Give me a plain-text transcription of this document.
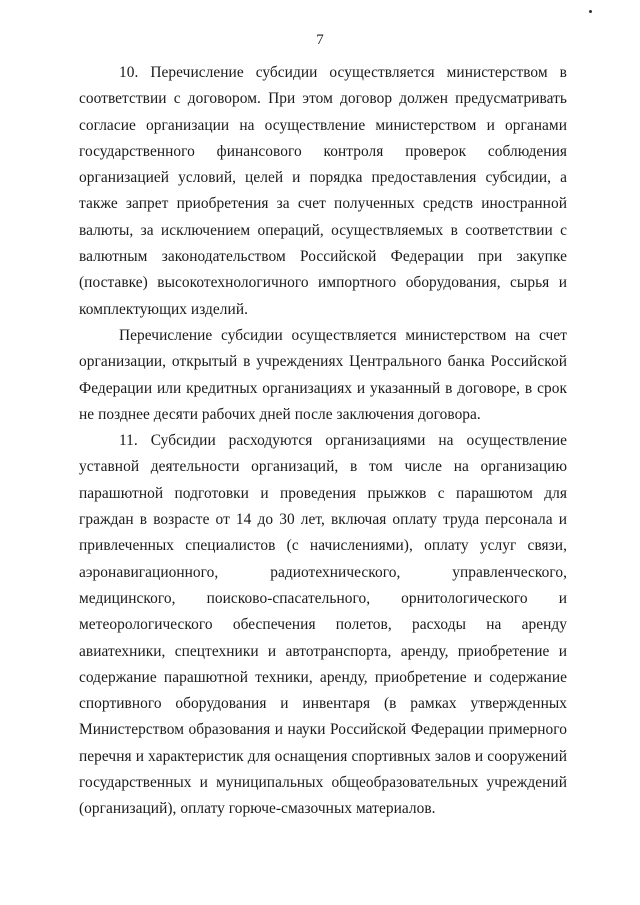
7

10. Перечисление субсидии осуществляется министерством в соответствии с договором. При этом договор должен предусматривать согласие организации на осуществление министерством и органами государственного финансового контроля проверок соблюдения организацией условий, целей и порядка предоставления субсидии, а также запрет приобретения за счет полученных средств иностранной валюты, за исключением операций, осуществляемых в соответствии с валютным законодательством Российской Федерации при закупке (поставке) высокотехнологичного импортного оборудования, сырья и комплектующих изделий.

Перечисление субсидии осуществляется министерством на счет организации, открытый в учреждениях Центрального банка Российской Федерации или кредитных организациях и указанный в договоре, в срок не позднее десяти рабочих дней после заключения договора.

11. Субсидии расходуются организациями на осуществление уставной деятельности организаций, в том числе на организацию парашютной подготовки и проведения прыжков с парашютом для граждан в возрасте от 14 до 30 лет, включая оплату труда персонала и привлеченных специалистов (с начислениями), оплату услуг связи, аэронавигационного, радиотехнического, управленческого, медицинского, поисково-спасательного, орнитологического и метеорологического обеспечения полетов, расходы на аренду авиатехники, спецтехники и автотранспорта, аренду, приобретение и содержание парашютной техники, аренду, приобретение и содержание спортивного оборудования и инвентаря (в рамках утвержденных Министерством образования и науки Российской Федерации примерного перечня и характеристик для оснащения спортивных залов и сооружений государственных и муниципальных общеобразовательных учреждений (организаций), оплату горюче-смазочных материалов.
